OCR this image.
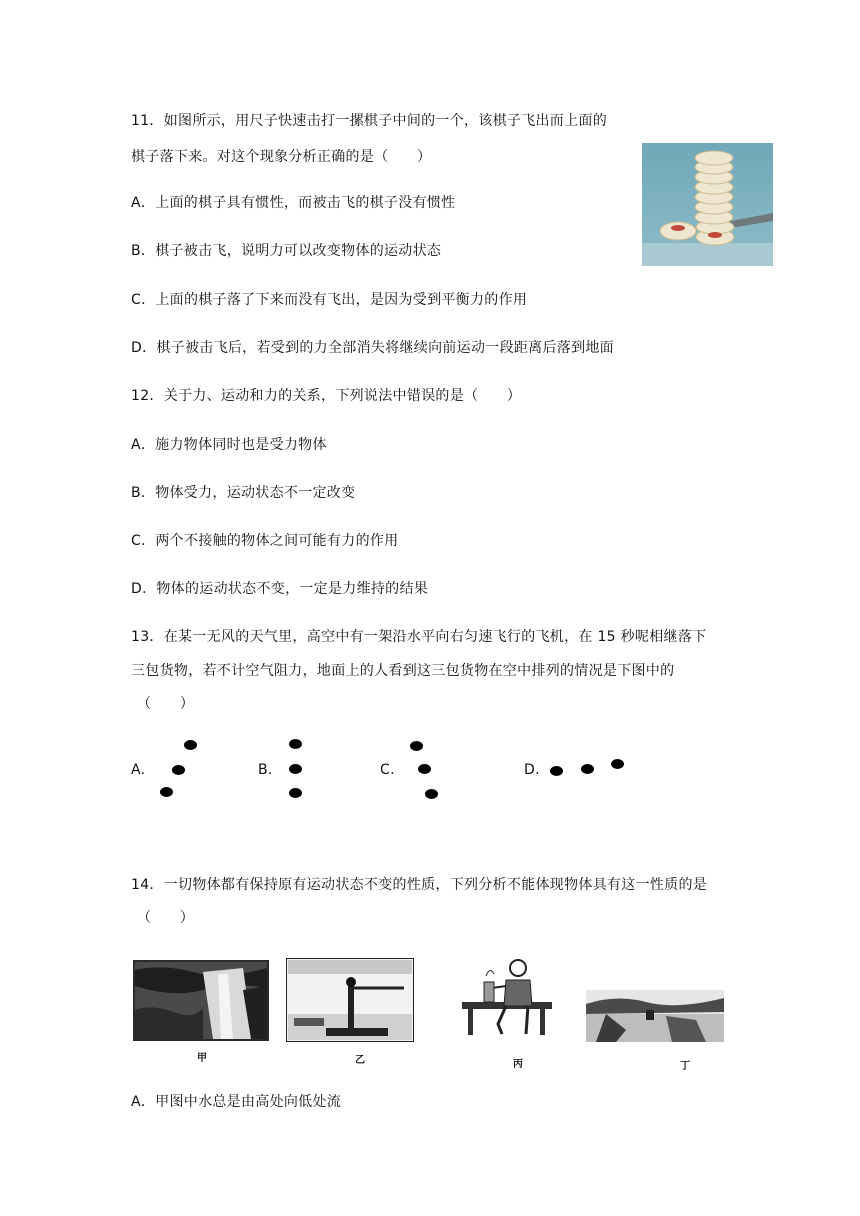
11．如图所示，用尺子快速击打一摞棋子中间的一个，该棋子飞出而上面的
棋子落下来。对这个现象分析正确的是（　　）
A．上面的棋子具有惯性，而被击飞的棋子没有惯性
B．棋子被击飞，说明力可以改变物体的运动状态
C．上面的棋子落了下来而没有飞出，是因为受到平衡力的作用
D．棋子被击飞后，若受到的力全部消失将继续向前运动一段距离后落到地面
12．关于力、运动和力的关系，下列说法中错误的是（　　）
A．施力物体同时也是受力物体
B．物体受力，运动状态不一定改变
C．两个不接触的物体之间可能有力的作用
D．物体的运动状态不变，一定是力维持的结果
13．在某一无风的天气里，高空中有一架沿水平向右匀速飞行的飞机，在 15 秒呢相继落下
三包货物，若不计空气阻力，地面上的人看到这三包货物在空中排列的情况是下图中的
（　　）
A.	B.	C.	D.
14．一切物体都有保持原有运动状态不变的性质，下列分析不能体现物体具有这一性质的是
（　　）
甲	乙	丙	丁
A．甲图中水总是由高处向低处流
